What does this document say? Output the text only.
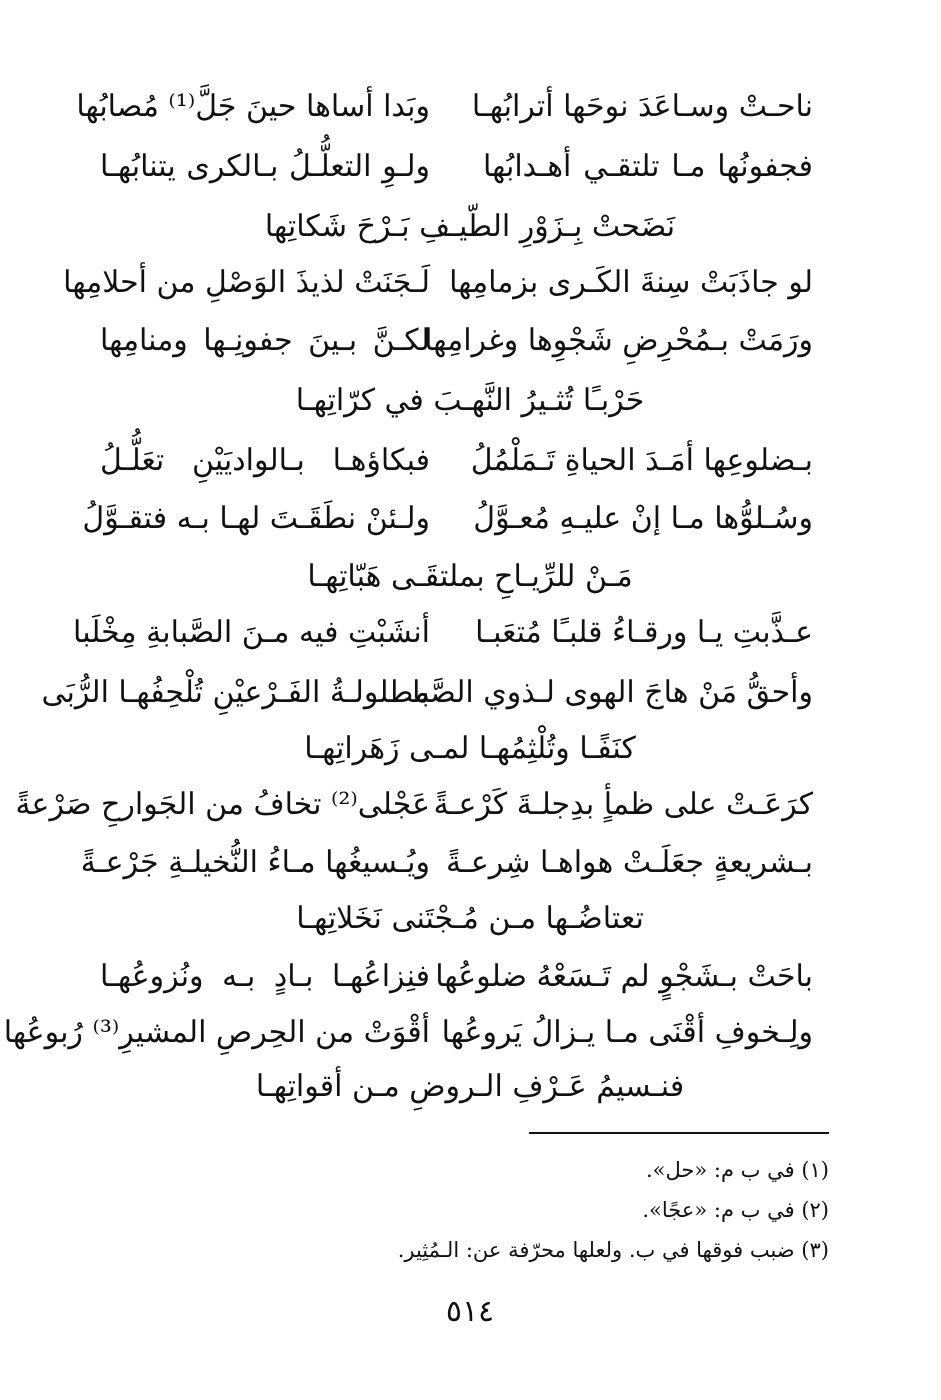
ناحـتْ وسـاعَدَ نوحَها أترابُهـا
وبَدا أساها حينَ جَلَّ⁽¹⁾ مُصابُها
فجفونُها مـا تلتقـي أهـدابُها
ولـوِ التعلُّـلُ بـالكرى يتنابُهـا
نَضَحتْ بِـزَوْرِ الطّيـفِ بَـرْحَ شَكاتِها
لو جاذَبَتْ سِنةَ الكَـرى بزمامِها
لَـجَنَتْ لذيذَ الوَصْلِ من أحلامِها
ورَمَتْ بـمُحْرِضِ شَجْوِها وغرامِها
لكـنَّ بـينَ جفونِـها ومنامِها
حَرْبـًا تُثـيرُ النَّهـبَ في كرّاتِهـا
بـضلوعِها أمَـدَ الحياةِ تَـمَلْمُلُ
فبكاؤهـا بـالواديَيْنِ تعَلُّـلُ
وسُـلوُّها مـا إنْ عليـهِ مُعـوَّلُ
ولـئنْ نطَقَـتَ لهـا بـه فتقـوَّلُ
مَـنْ للرِّيـاحِ بملتقَـى هَبّاتِهـا
عـذَّبتِ يـا ورقـاءُ قلبـًا مُتعَبـا
أنشَبْتِ فيه مـنَ الصَّبابةِ مِخْلَبا
وأحقُّ مَنْ هاجَ الهوى لـذوي الصَّبا
مطلولـةُ الفَـرْعيْنِ تُلْحِفُهـا الرُّبَى
كنَفًـا وتُلْثِمُهـا لمـى زَهَراتِهـا
كرَعَـتْ على ظمأٍ بدِجلـةَ كَرْعـةً
عَجْلى⁽²⁾ تخافُ من الجَوارحِ صَرْعةً
بـشريعةٍ جعَلَـتْ هواهـا شِرعـةً
ويُـسيغُها مـاءُ النُّخيلـةِ جَرْعـةً
تعتاضُـها مـن مُـجْتَنى نَخَلاتِهـا
باحَتْ بـشَجْوٍ لم تَـسَعْهُ ضلوعُها
فنِزاعُهـا بـادٍ بـه ونُزوعُهـا
ولِـخوفِ أقْنَى مـا يـزالُ يَروعُها
أقْوَتْ من الحِرصِ المشيرِ⁽³⁾ رُبوعُها
فنـسيمُ عَـرْفِ الـروضِ مـن أقواتِهـا
(١) في ب م: «حل».
(٢) في ب م: «عجًا».
(٣) ضبب فوقها في ب. ولعلها محرّفة عن: الـمُثِير.
٥١٤
